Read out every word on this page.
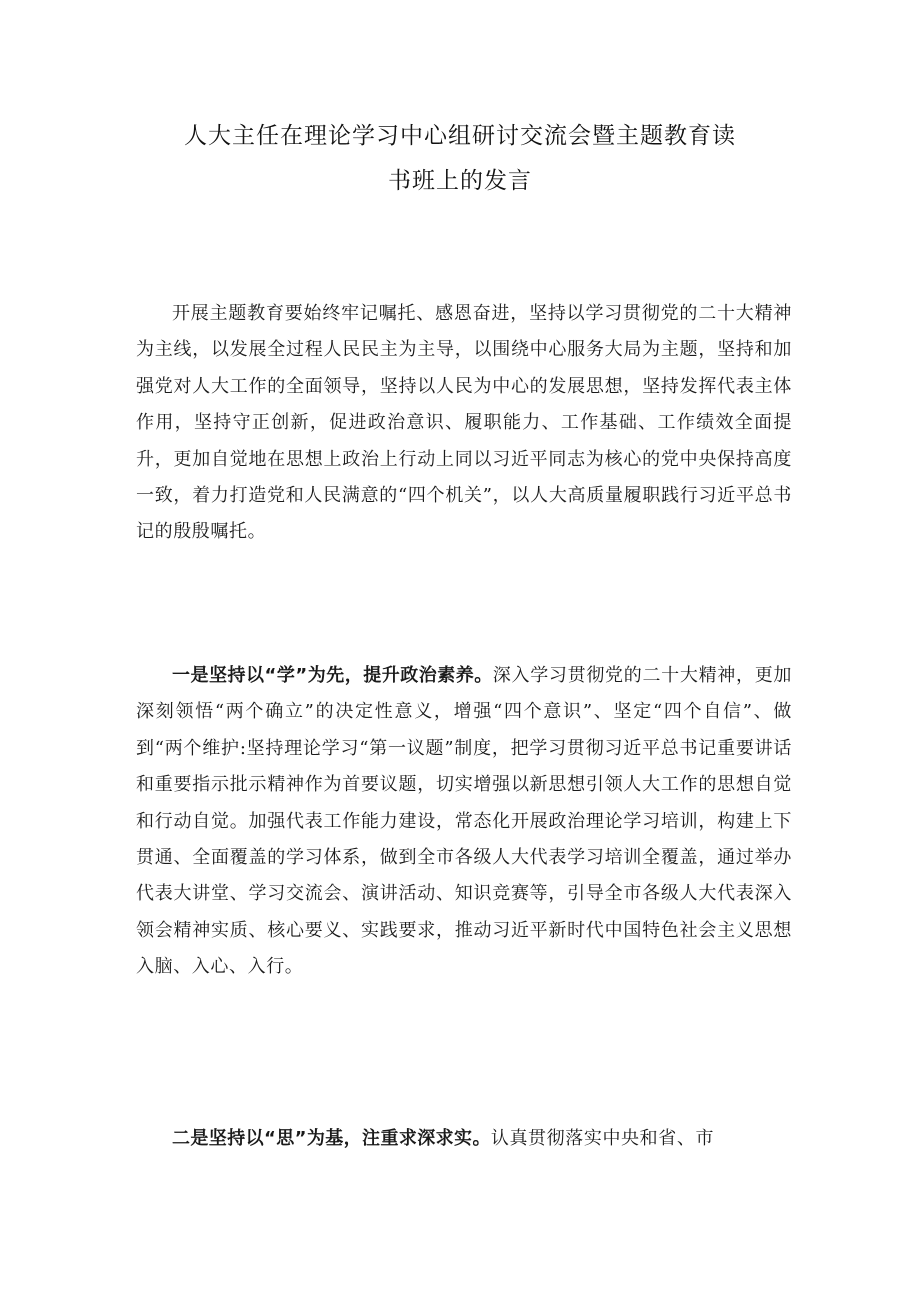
人大主任在理论学习中心组研讨交流会暨主题教育读
书班上的发言

开展主题教育要始终牢记嘱托、感恩奋进，坚持以学习贯彻党的二十大精神为主线，以发展全过程人民民主为主导，以围绕中心服务大局为主题，坚持和加强党对人大工作的全面领导，坚持以人民为中心的发展思想，坚持发挥代表主体作用，坚持守正创新，促进政治意识、履职能力、工作基础、工作绩效全面提升，更加自觉地在思想上政治上行动上同以习近平同志为核心的党中央保持高度一致，着力打造党和人民满意的“四个机关”，以人大高质量履职践行习近平总书记的殷殷嘱托。

一是坚持以“学”为先，提升政治素养。深入学习贯彻党的二十大精神，更加深刻领悟“两个确立”的决定性意义，增强“四个意识”、坚定“四个自信”、做到“两个维护:坚持理论学习“第一议题”制度，把学习贯彻习近平总书记重要讲话和重要指示批示精神作为首要议题，切实增强以新思想引领人大工作的思想自觉和行动自觉。加强代表工作能力建设，常态化开展政治理论学习培训，构建上下贯通、全面覆盖的学习体系，做到全市各级人大代表学习培训全覆盖，通过举办代表大讲堂、学习交流会、演讲活动、知识竞赛等，引导全市各级人大代表深入领会精神实质、核心要义、实践要求，推动习近平新时代中国特色社会主义思想入脑、入心、入行。

二是坚持以“思”为基，注重求深求实。认真贯彻落实中央和省、市
